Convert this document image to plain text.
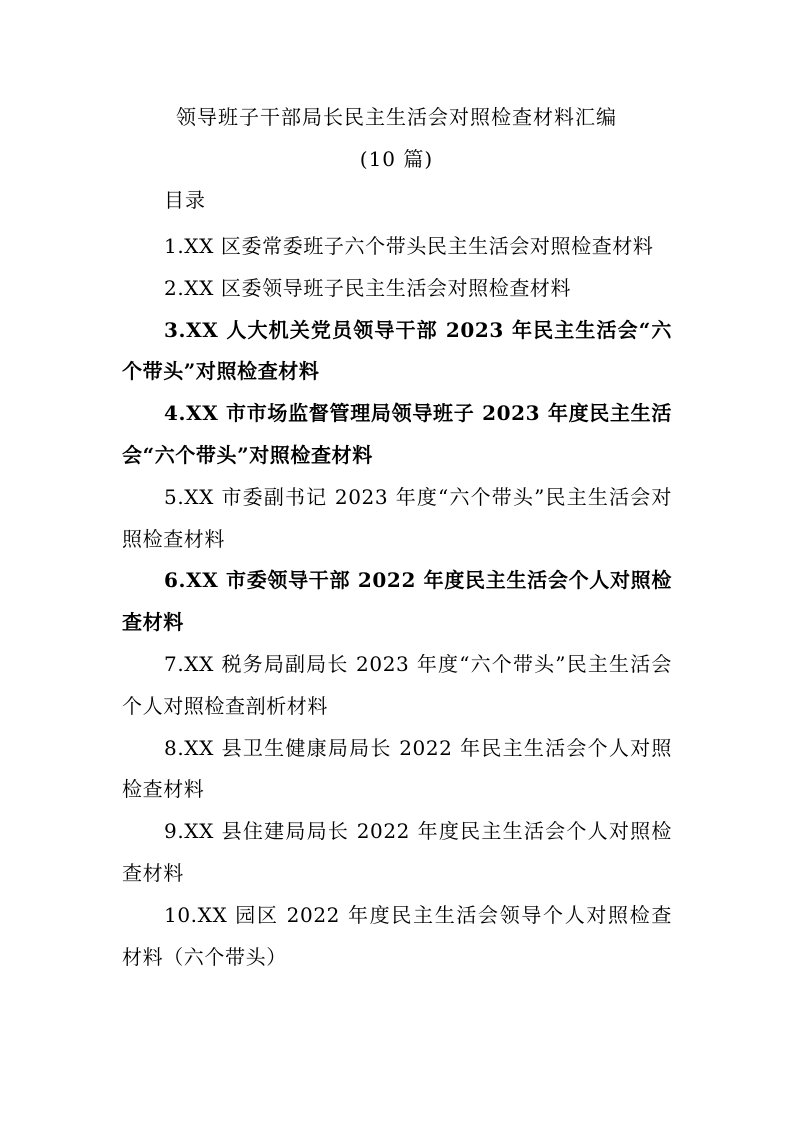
领导班子干部局长民主生活会对照检查材料汇编
(10 篇)
目录
1.XX 区委常委班子六个带头民主生活会对照检查材料
2.XX 区委领导班子民主生活会对照检查材料
3.XX 人大机关党员领导干部 2023 年民主生活会“六个带头”对照检查材料
4.XX 市市场监督管理局领导班子 2023 年度民主生活会“六个带头”对照检查材料
5.XX 市委副书记 2023 年度“六个带头”民主生活会对照检查材料
6.XX 市委领导干部 2022 年度民主生活会个人对照检查材料
7.XX 税务局副局长 2023 年度“六个带头”民主生活会个人对照检查剖析材料
8.XX 县卫生健康局局长 2022 年民主生活会个人对照检查材料
9.XX 县住建局局长 2022 年度民主生活会个人对照检查材料
10.XX 园区 2022 年度民主生活会领导个人对照检查材料（六个带头）
